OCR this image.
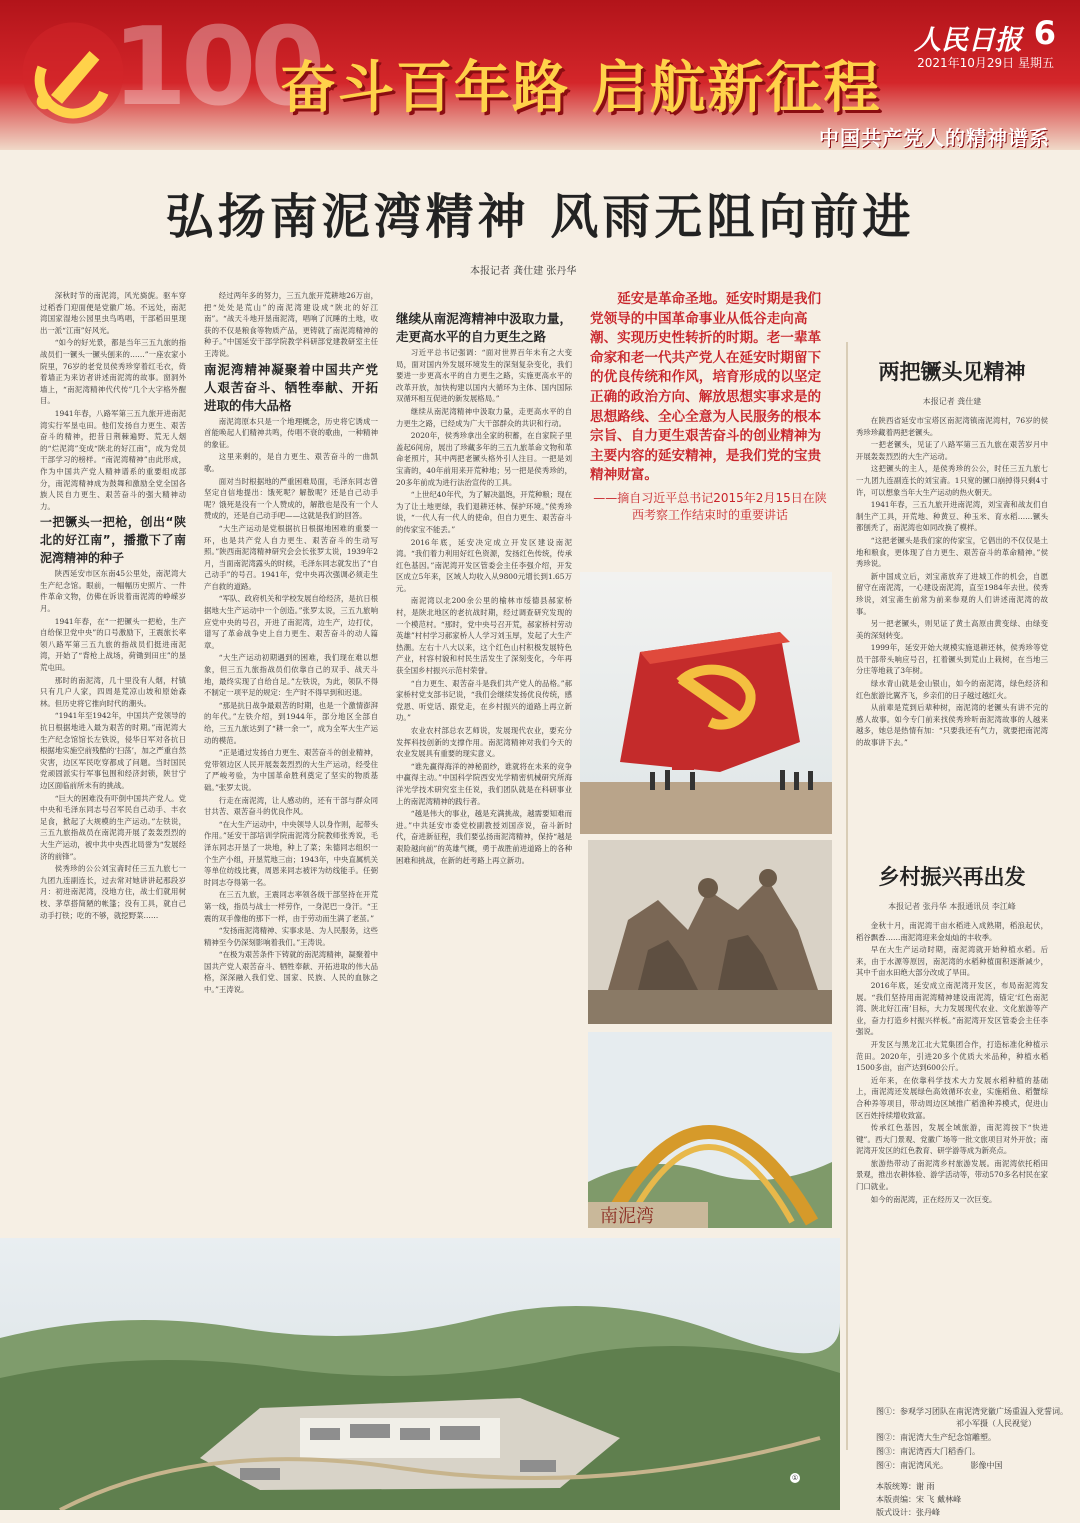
100
奋斗百年路 启航新征程
人民日报 6
2021年10月29日 星期五
中国共产党人的精神谱系
弘扬南泥湾精神 风雨无阻向前进
本报记者 龚仕建 张丹华

深秋时节的南泥湾，风光旖旎。驱车穿过稻香门迎面便是党徽广场。不远处，南泥湾国家湿地公园里虫鸟鸣唱，干部稻田里现出一派“江南”好风光。

“如今的好光景，都是当年三五九旅的指战员们一镢头一镢头刨来的……”一座农家小院里，76岁的老党员侯秀珍穿着红毛衣，倚着墙正为来访者讲述南泥湾的故事。窗洞外墙上，“南泥湾精神代代传”几个大字格外醒目。

1941年春，八路军第三五九旅开进南泥湾实行军垦屯田。他们发扬自力更生、艰苦奋斗的精神，把昔日荆棘遍野、荒无人烟的“烂泥湾”变成“陕北的好江南”，成为党员干部学习的榜样。“南泥湾精神”由此形成，作为中国共产党人精神谱系的重要组成部分，南泥湾精神成为鼓舞和激励全党全国各族人民自力更生、艰苦奋斗的强大精神动力。

一把镢头一把枪，创出“陕北的好江南”，播撒下了南泥湾精神的种子

陕西延安市区东南45公里处，南泥湾大生产纪念馆。眼前，一幅幅历史照片、一件件革命文物，仿佛在诉说着南泥湾的峥嵘岁月。

1941年春，在“一把镢头一把枪，生产自给保卫党中央”的口号激励下，王震旅长率领八路军第三五九旅的指战员们挺进南泥湾，开始了“背枪上战场，荷锄到田庄”的垦荒屯田。

那时的南泥湾，几十里没有人烟，村镇只有几户人家，四周是荒凉山坡和原始森林。但历史将它推向时代的潮头。

“1941年至1942年，中国共产党领导的抗日根据地进入最为艰苦的时期。”南泥湾大生产纪念馆馆长左铁说，侵华日军对各抗日根据地实施空前残酷的‘扫荡’，加之严重自然灾害，边区军民吃穿都成了问题。当时国民党顽固派实行军事包围和经济封锁，陕甘宁边区面临前所未有的挑战。

“巨大的困难没有吓倒中国共产党人。党中央和毛泽东同志号召军民自己动手、丰衣足食，掀起了大规模的生产运动。”左铁说，三五九旅指战员在南泥湾开展了轰轰烈烈的大生产运动，被中共中央西北局誉为“发展经济的前锋”。

侯秀珍的公公刘宝斋时任三五九旅七一九团九连副连长，过去常对她讲讲起那段岁月：初进南泥湾，没地方住，战士们就用树枝、茅草搭简陋的帐篷；没有工具，就自己动手打铁；吃的不够，就挖野菜……

经过两年多的努力，三五九旅开荒耕地26万亩，把“处处是荒山”的南泥湾建设成“陕北的好江南”。“战天斗地开垦南泥湾，唱响了沉睡的土地，收获的不仅是粮食等物质产品，更铸就了南泥湾精神的种子。”中国延安干部学院教学科研部党建教研室主任王涛说。

南泥湾精神凝聚着中国共产党人艰苦奋斗、牺牲奉献、开拓进取的伟大品格

南泥湾原本只是一个地理概念，历史将它诱成一首能唤起人们精神共鸣，传唱不衰的歌曲，一种精神的象征。

这里来剩的，是自力更生、艰苦奋斗的一曲凯歌。

面对当时根据地的严重困难局面，毛泽东同志曾坚定自信地提出：饿死呢？解散呢？还是自己动手呢？饿死是没有一个人赞成的，解散也是没有一个人赞成的，还是自己动手吧——这就是我们的回答。

“大生产运动是党根据抗日根据地困难的重要一环，也是共产党人自力更生、艰苦奋斗的生动写照。”陕西南泥湾精神研究会会长张罗太说，1939年2月，当面南泥湾露头的时候，毛泽东同志就发出了“自己动手”的号召。1941年，党中央再次强调必须走生产自救的道路。

“军队、政府机关和学校发展自给经济，是抗日根据地大生产运动中一个创造。”张罗太说，三五九旅响应党中央的号召，开进了南泥湾，边生产，边打仗，谱写了革命战争史上自力更生、艰苦奋斗的动人篇章。

“大生产运动初期遇到的困难，我们现在难以想象，但三五九旅指战员们依靠自己的双手、战天斗地，最终实现了自给自足。”左铁说，为此，领队不得不制定一项平足的规定：生产时不得早到和迟退。

“那是抗日战争最艰苦的时期，也是一个激情澎湃的年代。”左铁介绍，到1944年，部分地区全部自给，三五九旅达到了“耕一余一”，成为全军大生产运动的模范。

“正是通过发扬自力更生、艰苦奋斗的创业精神，党带领边区人民开展轰轰烈烈的大生产运动，经受住了严峻考验，为中国革命胜利奠定了坚实的物质基础。”张罗太说。

行走在南泥湾，让人感动的，还有干部与群众同甘共苦、艰苦奋斗的优良作风。

“在大生产运动中，中央领导人以身作则，起带头作用。”延安干部培训学院南泥湾分院教师张秀说，毛泽东同志开垦了一块地，种上了菜；朱德同志组织一个生产小组，开垦荒地三亩；1943年，中央直属机关等单位纺线比赛，周恩来同志被评为纺线能手。任弼时同志夺得第一名。

在三五九旅，王震同志率领各级干部坚持在开荒第一线，指员与战士一样劳作，一身泥巴一身汗。“王震的双手像他的那下一样，由于劳动而生满了老茧。”

“发扬南泥湾精神、实事求是、为人民服务，这些精神至今仍深刻影响着我们。”王涛说。

“在极为艰苦条件下铸就的南泥湾精神，凝聚着中国共产党人艰苦奋斗、牺牲奉献、开拓进取的伟大品格，深深融入我们党、国家、民族、人民的血脉之中。”王涛说。

继续从南泥湾精神中汲取力量，走更高水平的自力更生之路

习近平总书记强调：“面对世界百年未有之大变局，面对国内外发展环境发生的深刻复杂变化，我们要进一步更高水平的自力更生之路，实施更高水平的改革开放，加快构建以国内大循环为主体、国内国际双循环相互促进的新发展格局。”

继续从南泥湾精神中汲取力量，走更高水平的自力更生之路，已经成为广大干部群众的共识和行动。

2020年，侯秀珍拿出全家的积蓄，在自家院子里盖起6间房，展出了珍藏多年的三五九旅革命文物和革命老照片，其中两把老镢头格外引人注目。一把是刘宝斋的，40年前用来开荒种地；另一把是侯秀珍的，20多年前成为进行法治宣传的工具。

“上世纪40年代，为了解决温饱，开荒种粮；现在为了让土地更绿，我们退耕还林、保护环境。”侯秀珍说，“一代人有一代人的使命，但自力更生、艰苦奋斗的传家宝不能丢。”

2016年底，延安决定成立开发区建设南泥湾。“我们着力利用好红色资源，发扬红色传统，传承红色基因。”南泥湾开发区管委会主任李强介绍，开发区成立5年来，区域人均收入从9800元增长到1.65万元。

南泥湾以北200余公里的榆林市绥德县郝家桥村，是陕北地区的老抗战时期，经过调查研究发现的一个模范村。“那时，党中央号召开荒，郝家桥村劳动英雄”村村学习郝家桥人人学习刘玉厚，发起了大生产热潮。左右十八大以来，这个红色山村积极发展特色产业，村容村貌和村民生活发生了深刻变化，今年再获全国乡村振兴示范村荣誉。

“自力更生、艰苦奋斗是我们共产党人的品格。”郝家桥村党支部书记说，“我们会继续发扬优良传统，感党恩、听党话、跟党走，在乡村振兴的道路上再立新功。”

农业农村部总农艺师说，发展现代农业，要充分发挥科技创新的支撑作用。南泥湾精神对我们今天的农业发展具有重要的现实意义。

“谁先赢得海洋的神秘面纱，谁就将在未来的竞争中赢得主动。”中国科学院西安光学精密机械研究所海洋光学技术研究室主任说，我们团队就是在科研事业上的南泥湾精神的践行者。

“越是伟大的事业，越是充满挑战，越需要知难而进。”中共延安市委党校副教授刘国彦说，奋斗新时代，奋进新征程，我们要弘扬南泥湾精神，保持“越是艰险越向前”的英雄气概，勇于战胜前进道路上的各种困难和挑战，在新的赶考路上再立新功。

延安是革命圣地。延安时期是我们党领导的中国革命事业从低谷走向高潮、实现历史性转折的时期。老一辈革命家和老一代共产党人在延安时期留下的优良传统和作风，培育形成的以坚定正确的政治方向、解放思想实事求是的思想路线、全心全意为人民服务的根本宗旨、自力更生艰苦奋斗的创业精神为主要内容的延安精神，是我们党的宝贵精神财富。

——摘自习近平总书记2015年2月15日在陕西考察工作结束时的重要讲话
南泥湾
①
两把镢头见精神
本报记者 龚仕建

在陕西省延安市宝塔区南泥湾镇南泥湾村，76岁的侯秀珍珍藏着两把老镢头。

一把老镢头，见证了八路军第三五九旅在艰苦岁月中开展轰轰烈烈的大生产运动。

这把镢头的主人，是侯秀珍的公公，时任三五九旅七一九团九连副连长的刘宝斋。1只宽的镢口崩掉得只剩4寸许，可以想象当年大生产运动的热火朝天。

1941年春，三五九旅开进南泥湾，刘宝斋和战友们自制生产工具，开荒地、种黄豆、种玉米、育水稻……镢头都刨秃了，南泥湾也如同改换了模样。

“这把老镢头是我们家的传家宝，它倡出的不仅仅是土地和粮食，更体现了自力更生、艰苦奋斗的革命精神。”侯秀珍说。

新中国成立后，刘宝斋放弃了进城工作的机会，自愿留守在南泥湾，一心建设南泥湾，直至1984年去世。侯秀珍说，刘宝斋生前常为前来参观的人们讲述南泥湾的故事。

另一把老镢头，则见证了黄土高原由黄变绿、由绿变美的深刻转变。

1999年，延安开始大规模实施退耕还林，侯秀珍等党员干部带头响应号召，扛着镢头到荒山上栽树，在当地三分庄等地栽了3年树。

绿水青山就是金山银山，如今的南泥湾，绿色经济和红色旅游比翼齐飞，乡亲们的日子越过越红火。

从前辈是荒到后辈种树，南泥湾的老镢头有讲不完的感人故事。如今专门前来找侯秀珍听南泥湾故事的人越来越多，她总是热情有加：“只要我还有气力，就要把南泥湾的故事讲下去。”

乡村振兴再出发
本报记者 张丹华 本报通讯员 李江峰

金秋十月，南泥湾干亩水稻进入成熟期，稻浪起伏，稻谷飘香……南泥湾迎来金灿灿的丰收季。

早在大生产运动时期，南泥湾就开始种植水稻。后来，由于水源等原因，南泥湾的水稻种植面积逐渐减少，其中千亩水田绝大部分改成了旱田。

2016年底，延安成立南泥湾开发区，布局南泥湾发展。“我们坚持用南泥湾精神建设南泥湾，锚定‘红色南泥湾、陕北好江南’目标，大力发展现代农业、文化旅游等产业，奋力打造乡村振兴样板。”南泥湾开发区管委会主任李强说。

开发区与黑龙江北大荒集团合作，打造标准化种植示范田。2020年，引进20多个优质大米品种，种植水稻1500多亩，亩产达到600公斤。

近年来，在依靠科学技术大力发展水稻种植的基础上，南泥湾还发展绿色高效循环农业，实施稻鱼、稻蟹综合种养等项目，带动周边区域推广稻渔种养模式，促进山区百姓持续增收致富。

传承红色基因，发展全域旅游，南泥湾按下“快进键”。西大门景观、党徽广场等一批文旅项目对外开放；南泥湾开发区的红色教育、研学游等成为新亮点。

旅游热带动了南泥湾乡村旅游发展。南泥湾依托稻田景观，推出农耕体验、游学活动等，带动570多名村民在家门口就业。

如今的南泥湾，正在经历又一次巨变。

图①：参观学习团队在南泥湾党徽广场重温入党誓词。
祁小军摄（人民视觉）
图②：南泥湾大生产纪念馆雕塑。
图③：南泥湾西大门稻香门。
图④：南泥湾风光。	影像中国
本版统筹：谢 雨
本版责编：宋 飞 戴林峰
版式设计：张丹峰
